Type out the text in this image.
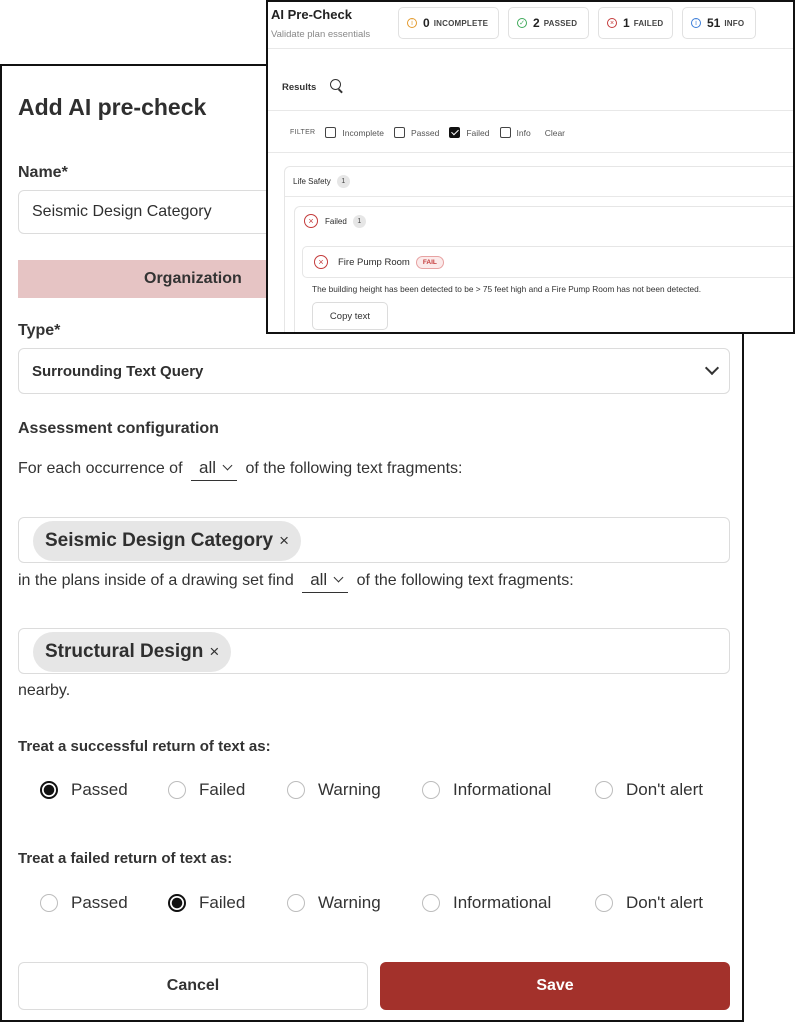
Add AI pre-check
Name*
Seismic Design Category
Organization
Type*
Surrounding Text Query
Assessment configuration
For each occurrence of all of the following text fragments:
Seismic Design Category ×
in the plans inside of a drawing set find all of the following text fragments:
Structural Design ×
nearby.
Treat a successful return of text as:
Passed	Failed	Warning	Informational	Don't alert
Treat a failed return of text as:
Passed	Failed	Warning	Informational	Don't alert
Cancel	Save
AI Pre-Check
Validate plan essentials
i 0 INCOMPLETE	✓ 2 PASSED	× 1 FAILED	i 51 INFO
Results
FILTER	Incomplete	Passed	Failed	Info Clear
Life Safety	1
×	Failed	1
×	Fire Pump Room	FAIL
The building height has been detected to be > 75 feet high and a Fire Pump Room has not been detected.
Copy text
